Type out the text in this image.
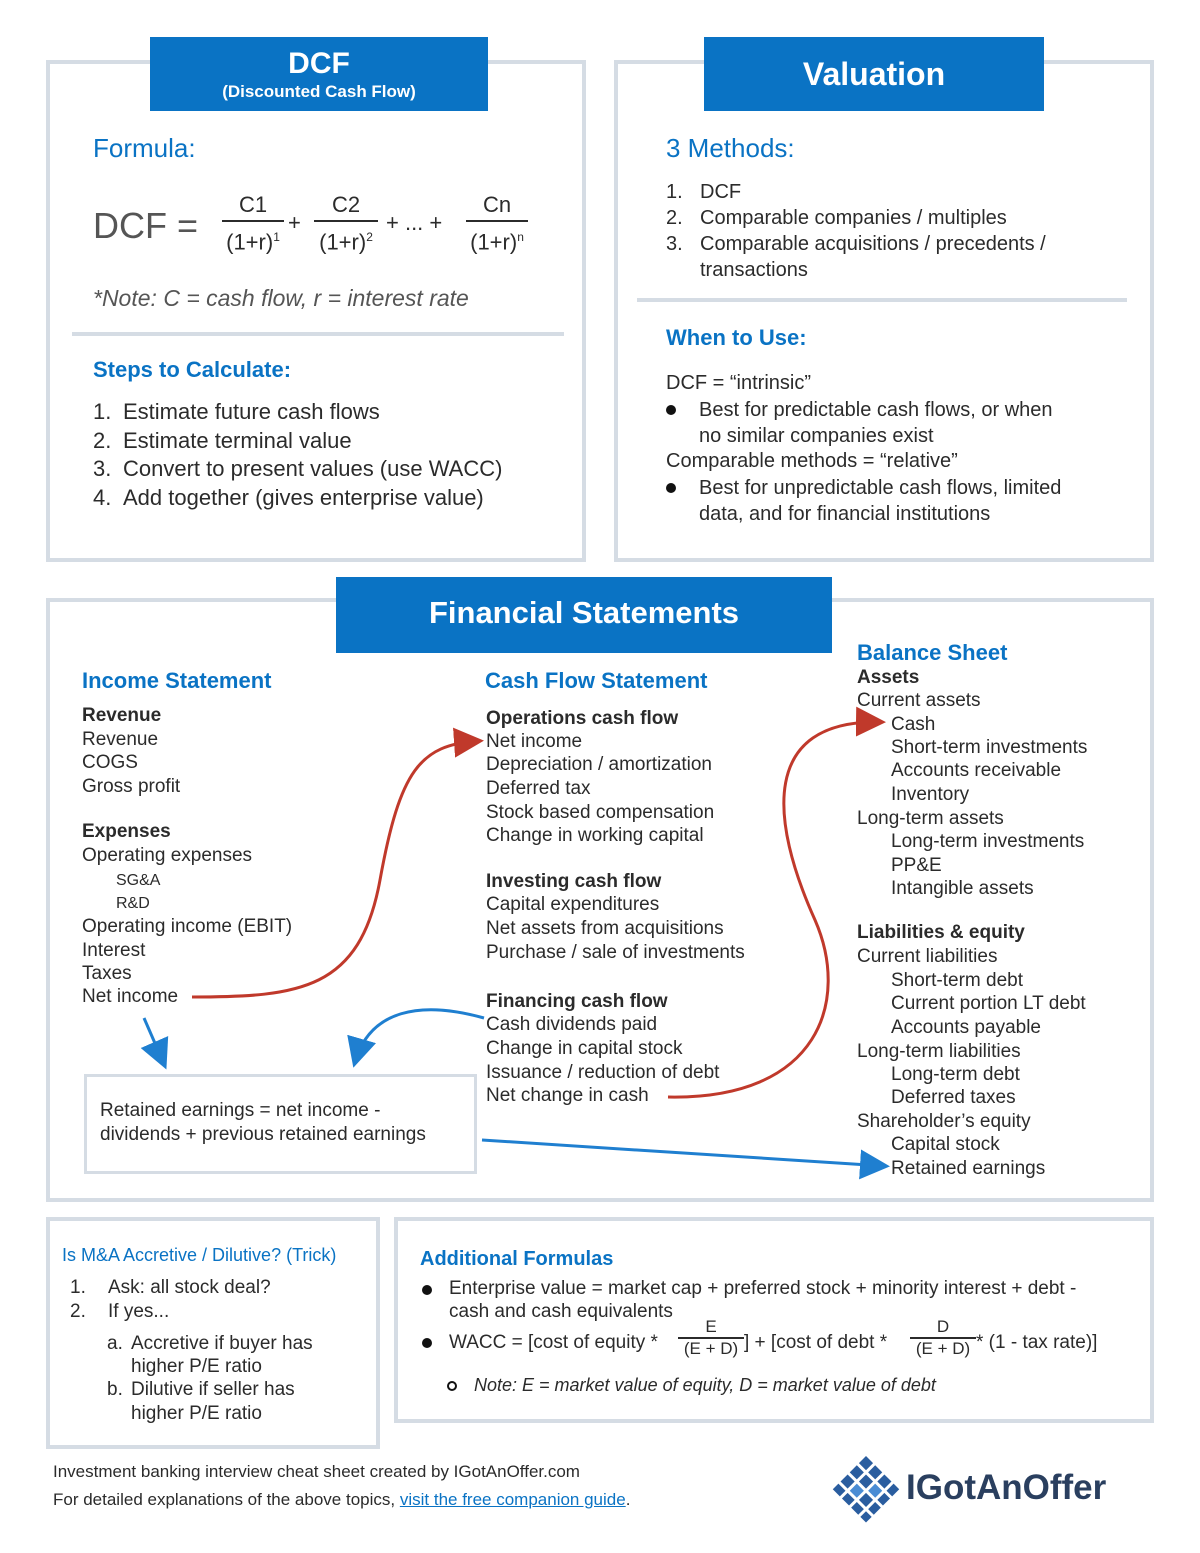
DCF
(Discounted Cash Flow)
Formula:
DCF =
C1
$(1+r)^1$
+
C2
$(1+r)^2$
+ ... +
Cn
$(1+r)^n$
*Note: C = cash flow, r = interest rate
Steps to Calculate:
1. Estimate future cash flows
2. Estimate terminal value
3. Convert to present values (use WACC)
4. Add together (gives enterprise value)
Valuation
3 Methods:
1. DCF
2. Comparable companies / multiples
3. Comparable acquisitions / precedents /
transactions
When to Use:
DCF = “intrinsic”
Best for predictable cash flows, or when
no similar companies exist
Comparable methods = “relative”
Best for unpredictable cash flows, limited
data, and for financial institutions
Financial Statements
Income Statement
Revenue
Revenue
COGS
Gross profit
Expenses
Operating expenses
SG&A
R&D
Operating income (EBIT)
Interest
Taxes
Net income
Retained earnings = net income -
dividends + previous retained earnings
Cash Flow Statement
Operations cash flow
Net income
Depreciation / amortization
Deferred tax
Stock based compensation
Change in working capital
Investing cash flow
Capital expenditures
Net assets from acquisitions
Purchase / sale of investments
Financing cash flow
Cash dividends paid
Change in capital stock
Issuance / reduction of debt
Net change in cash
Balance Sheet
Assets
Current assets
Cash
Short-term investments
Accounts receivable
Inventory
Long-term assets
Long-term investments
PP&E
Intangible assets
Liabilities & equity
Current liabilities
Short-term debt
Current portion LT debt
Accounts payable
Long-term liabilities
Long-term debt
Deferred taxes
Shareholder’s equity
Capital stock
Retained earnings
Is M&A Accretive / Dilutive? (Trick)
1. Ask: all stock deal?
2. If yes...
a. Accretive if buyer has
higher P/E ratio
b. Dilutive if seller has
higher P/E ratio
Additional Formulas
Enterprise value = market cap + preferred stock + minority interest + debt -
cash and cash equivalents
WACC = [cost of equity *
E
(E + D) ] + [cost of debt *
D
(E + D) * (1 - tax rate)]
Note: E = market value of equity, D = market value of debt
Investment banking interview cheat sheet created by IGotAnOffer.com
For detailed explanations of the above topics, visit the free companion guide.	IGotAnOffer
